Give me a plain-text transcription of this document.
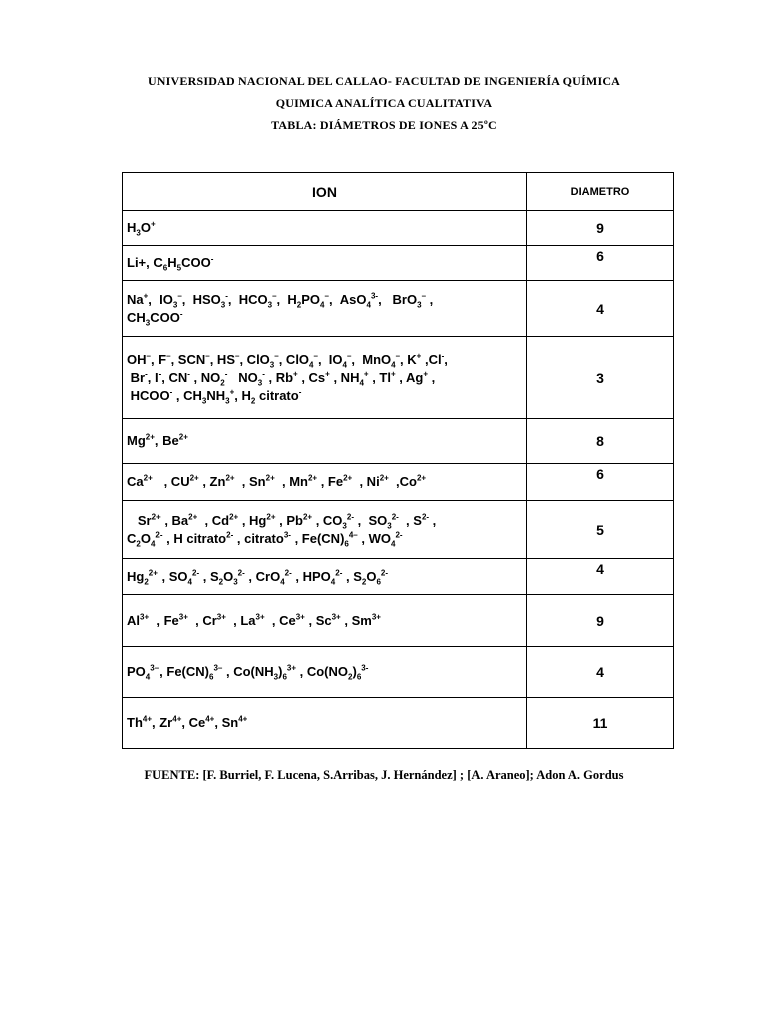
UNIVERSIDAD NACIONAL DEL CALLAO- FACULTAD DE INGENIERÍA QUÍMICA
QUIMICA ANALÍTICA CUALITATIVA
TABLA: DIÁMETROS DE IONES A 25ºC
ION	DIAMETRO
$H_3O^+$	9
Li+, $C_6H_5COO^-$	6
Na+,  $IO_3^-$,  $HSO_3^-$,  $HCO_3^-$,  $H_2PO_4^-$,  AsO$_4^{3-}$,   BrO$_3$– ,
$CH_3COO^-$	4
OH–, F–, SCN–, HS–, ClO$_3$–, ClO$_4$–,  $IO_4^-$,  MnO$_4$–, K+ ,Cl-,
Br-, I-, CN- , $NO_2^-$   $NO_3^-$ , Rb+ , Cs+ , $NH_4^+$ , Tl+ , Ag+ ,
HCOO- , $CH_3NH_3^+$, $H_2$ citrato-	3
$Mg^{2+}$, $Be^{2+}$	8
$Ca^{2+}$   , $CU^{2+}$ , $Zn^{2+}$  , $Sn^{2+}$  , $Mn^{2+}$ , $Fe^{2+}$  , $Ni^{2+}$  $,Co^{2+}$	6
$Sr^{2+}$ , $Ba^{2+}$  , $Cd^{2+}$ , $Hg^{2+}$ , $Pb^{2+}$ , $CO_3^{2-}$ ,  $SO_3^{2-}$  , $S^{2-}$ ,
$C_2O_4^{2-}$ , H citrato$^{2-}$ , citrato$^{3-}$ , $Fe(CN)_6^{4-}$ , $WO_4^{2-}$	5
$Hg_2^{2+}$ , $SO_4^{2-}$ , $S_2O_3^{2-}$ , CrO$_4^{2-}$ , $HPO_4^{2-}$ , $S_2O_6^{2-}$	4
$Al^{3+}$  , $Fe^{3+}$  , $Cr^{3+}$  , $La^{3+}$  , $Ce^{3+}$ , $Sc^{3+}$ , $Sm^{3+}$	9
$PO_4^{3-}$, $Fe(CN)_6^{3-}$ , $Co(NH_3)_6^{3+}$ , $Co(NO_2)_6^{3-}$	4
$Th^{4+}$, $Zr^{4+}$, $Ce^{4+}$, $Sn^{4+}$	11
FUENTE: [F. Burriel, F. Lucena, S.Arribas, J. Hernández] ; [A. Araneo]; Adon A. Gordus
